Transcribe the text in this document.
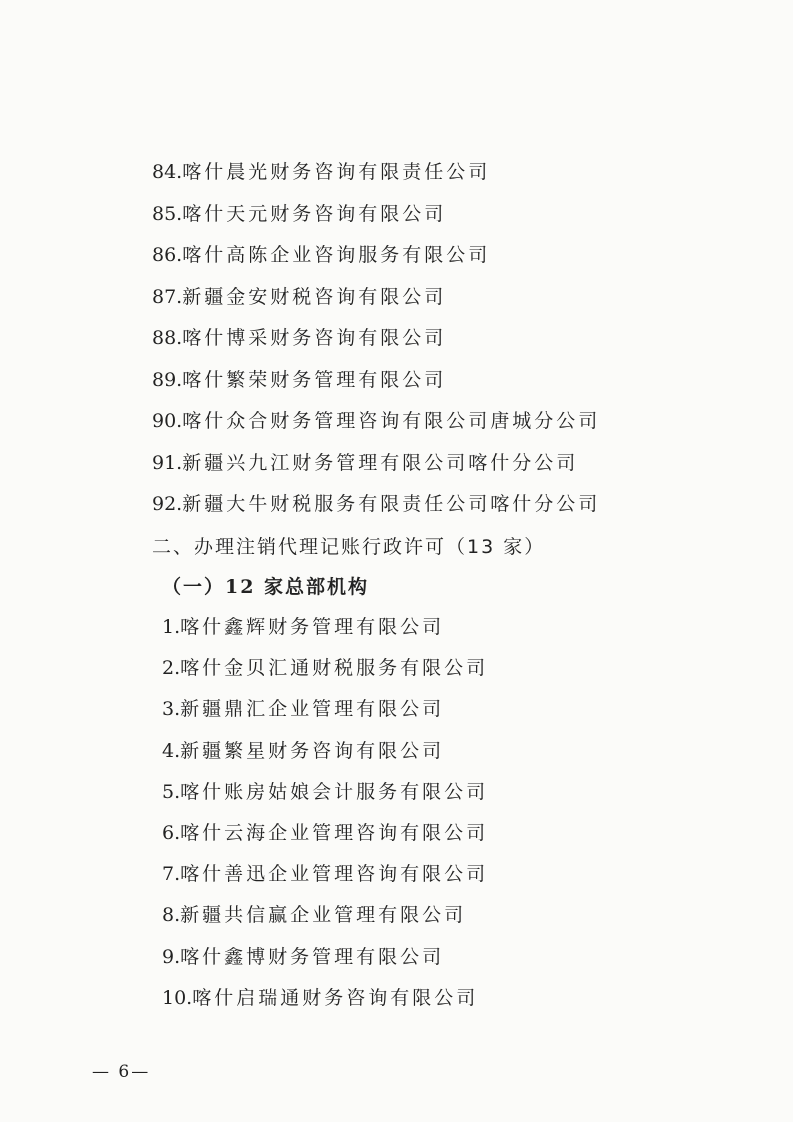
84.喀什晨光财务咨询有限责任公司
85.喀什天元财务咨询有限公司
86.喀什高陈企业咨询服务有限公司
87.新疆金安财税咨询有限公司
88.喀什博采财务咨询有限公司
89.喀什繁荣财务管理有限公司
90.喀什众合财务管理咨询有限公司唐城分公司
91.新疆兴九江财务管理有限公司喀什分公司
92.新疆大牛财税服务有限责任公司喀什分公司
二、办理注销代理记账行政许可（13 家）
（一）12 家总部机构
1.喀什鑫辉财务管理有限公司
2.喀什金贝汇通财税服务有限公司
3.新疆鼎汇企业管理有限公司
4.新疆繁星财务咨询有限公司
5.喀什账房姑娘会计服务有限公司
6.喀什云海企业管理咨询有限公司
7.喀什善迅企业管理咨询有限公司
8.新疆共信赢企业管理有限公司
9.喀什鑫博财务管理有限公司
10.喀什启瑞通财务咨询有限公司
— 6—
